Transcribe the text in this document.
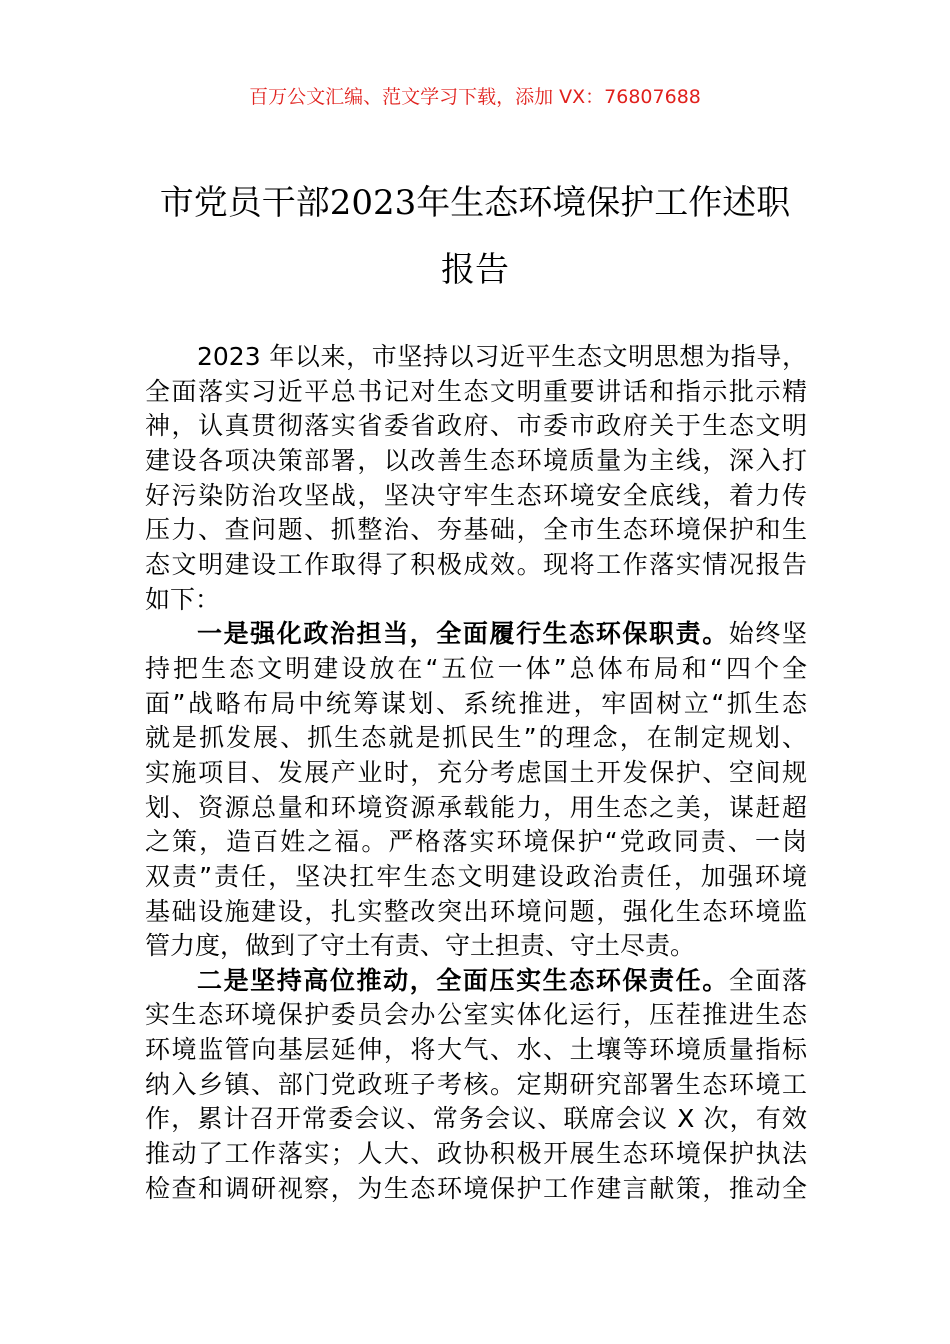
百万公文汇编、范文学习下载，添加 VX：76807688
市党员干部2023年生态环境保护工作述职
报告
2023 年以来，市坚持以习近平生态文明思想为指导，
全面落实习近平总书记对生态文明重要讲话和指示批示精
神，认真贯彻落实省委省政府、市委市政府关于生态文明
建设各项决策部署，以改善生态环境质量为主线，深入打
好污染防治攻坚战，坚决守牢生态环境安全底线，着力传
压力、查问题、抓整治、夯基础，全市生态环境保护和生
态文明建设工作取得了积极成效。现将工作落实情况报告
如下：
一是强化政治担当，全面履行生态环保职责。始终坚
持把生态文明建设放在“五位一体”总体布局和“四个全
面”战略布局中统筹谋划、系统推进，牢固树立“抓生态
就是抓发展、抓生态就是抓民生”的理念，在制定规划、
实施项目、发展产业时，充分考虑国土开发保护、空间规
划、资源总量和环境资源承载能力，用生态之美，谋赶超
之策，造百姓之福。严格落实环境保护“党政同责、一岗
双责”责任，坚决扛牢生态文明建设政治责任，加强环境
基础设施建设，扎实整改突出环境问题，强化生态环境监
管力度，做到了守土有责、守土担责、守土尽责。
二是坚持高位推动，全面压实生态环保责任。全面落
实生态环境保护委员会办公室实体化运行，压茬推进生态
环境监管向基层延伸，将大气、水、土壤等环境质量指标
纳入乡镇、部门党政班子考核。定期研究部署生态环境工
作，累计召开常委会议、常务会议、联席会议 X 次，有效
推动了工作落实；人大、政协积极开展生态环境保护执法
检查和调研视察，为生态环境保护工作建言献策，推动全
